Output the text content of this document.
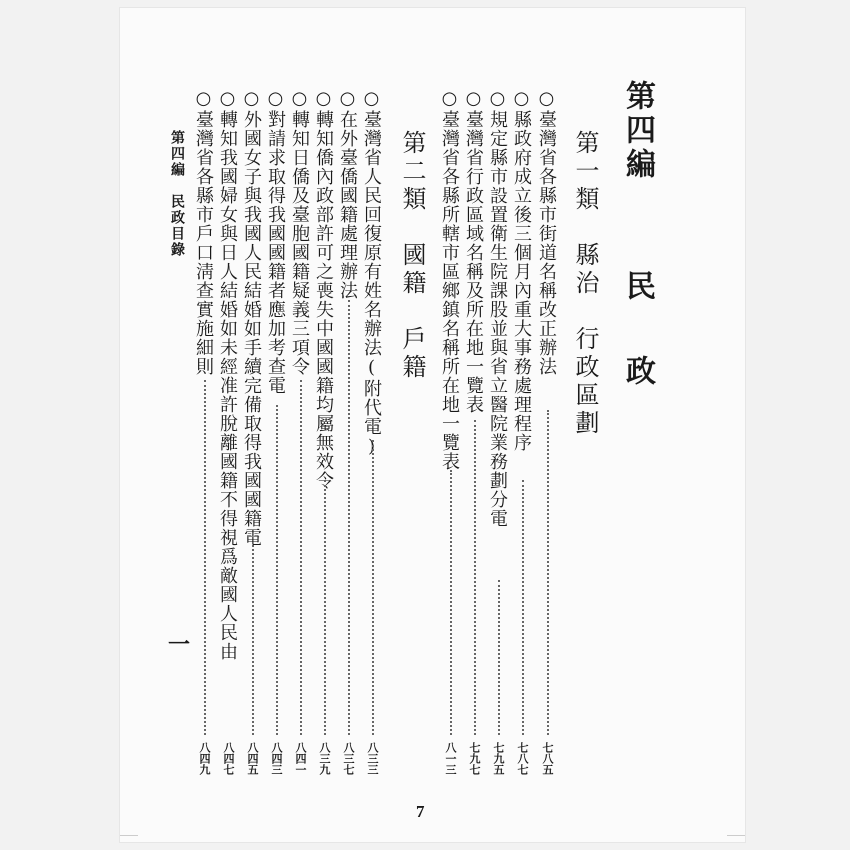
第四編
民 政
第一類　縣治　行政區劃
○臺灣省各縣市街道名稱改正辦法
七八五
○縣政府成立後三個月內重大事務處理程序
七八七
○規定縣市設置衛生院課股並與省立醫院業務劃分電
七九五
○臺灣省行政區域名稱及所在地一覽表
七九七
○臺灣省各縣所轄市區鄉鎮名稱所在地一覽表
八一三
第二類　國籍　戶籍
○臺灣省人民回復原有姓名辦法(附代電)
八三三
○在外臺僑國籍處理辦法
八三七
○轉知僑內政部許可之喪失中國國籍均屬無效令
八三九
○轉知日僑及臺胞國籍疑義三項令
八四一
○對請求取得我國國籍者應加考查電
八四三
○外國女子與我國人民結婚如手續完備取得我國國籍電
八四五
○轉知我國婦女與日人結婚如未經准許脫離國籍不得視爲敵國人民由
八四七
○臺灣省各縣市戶口淸查實施細則
八四九
第四編　民政目錄
一
7
